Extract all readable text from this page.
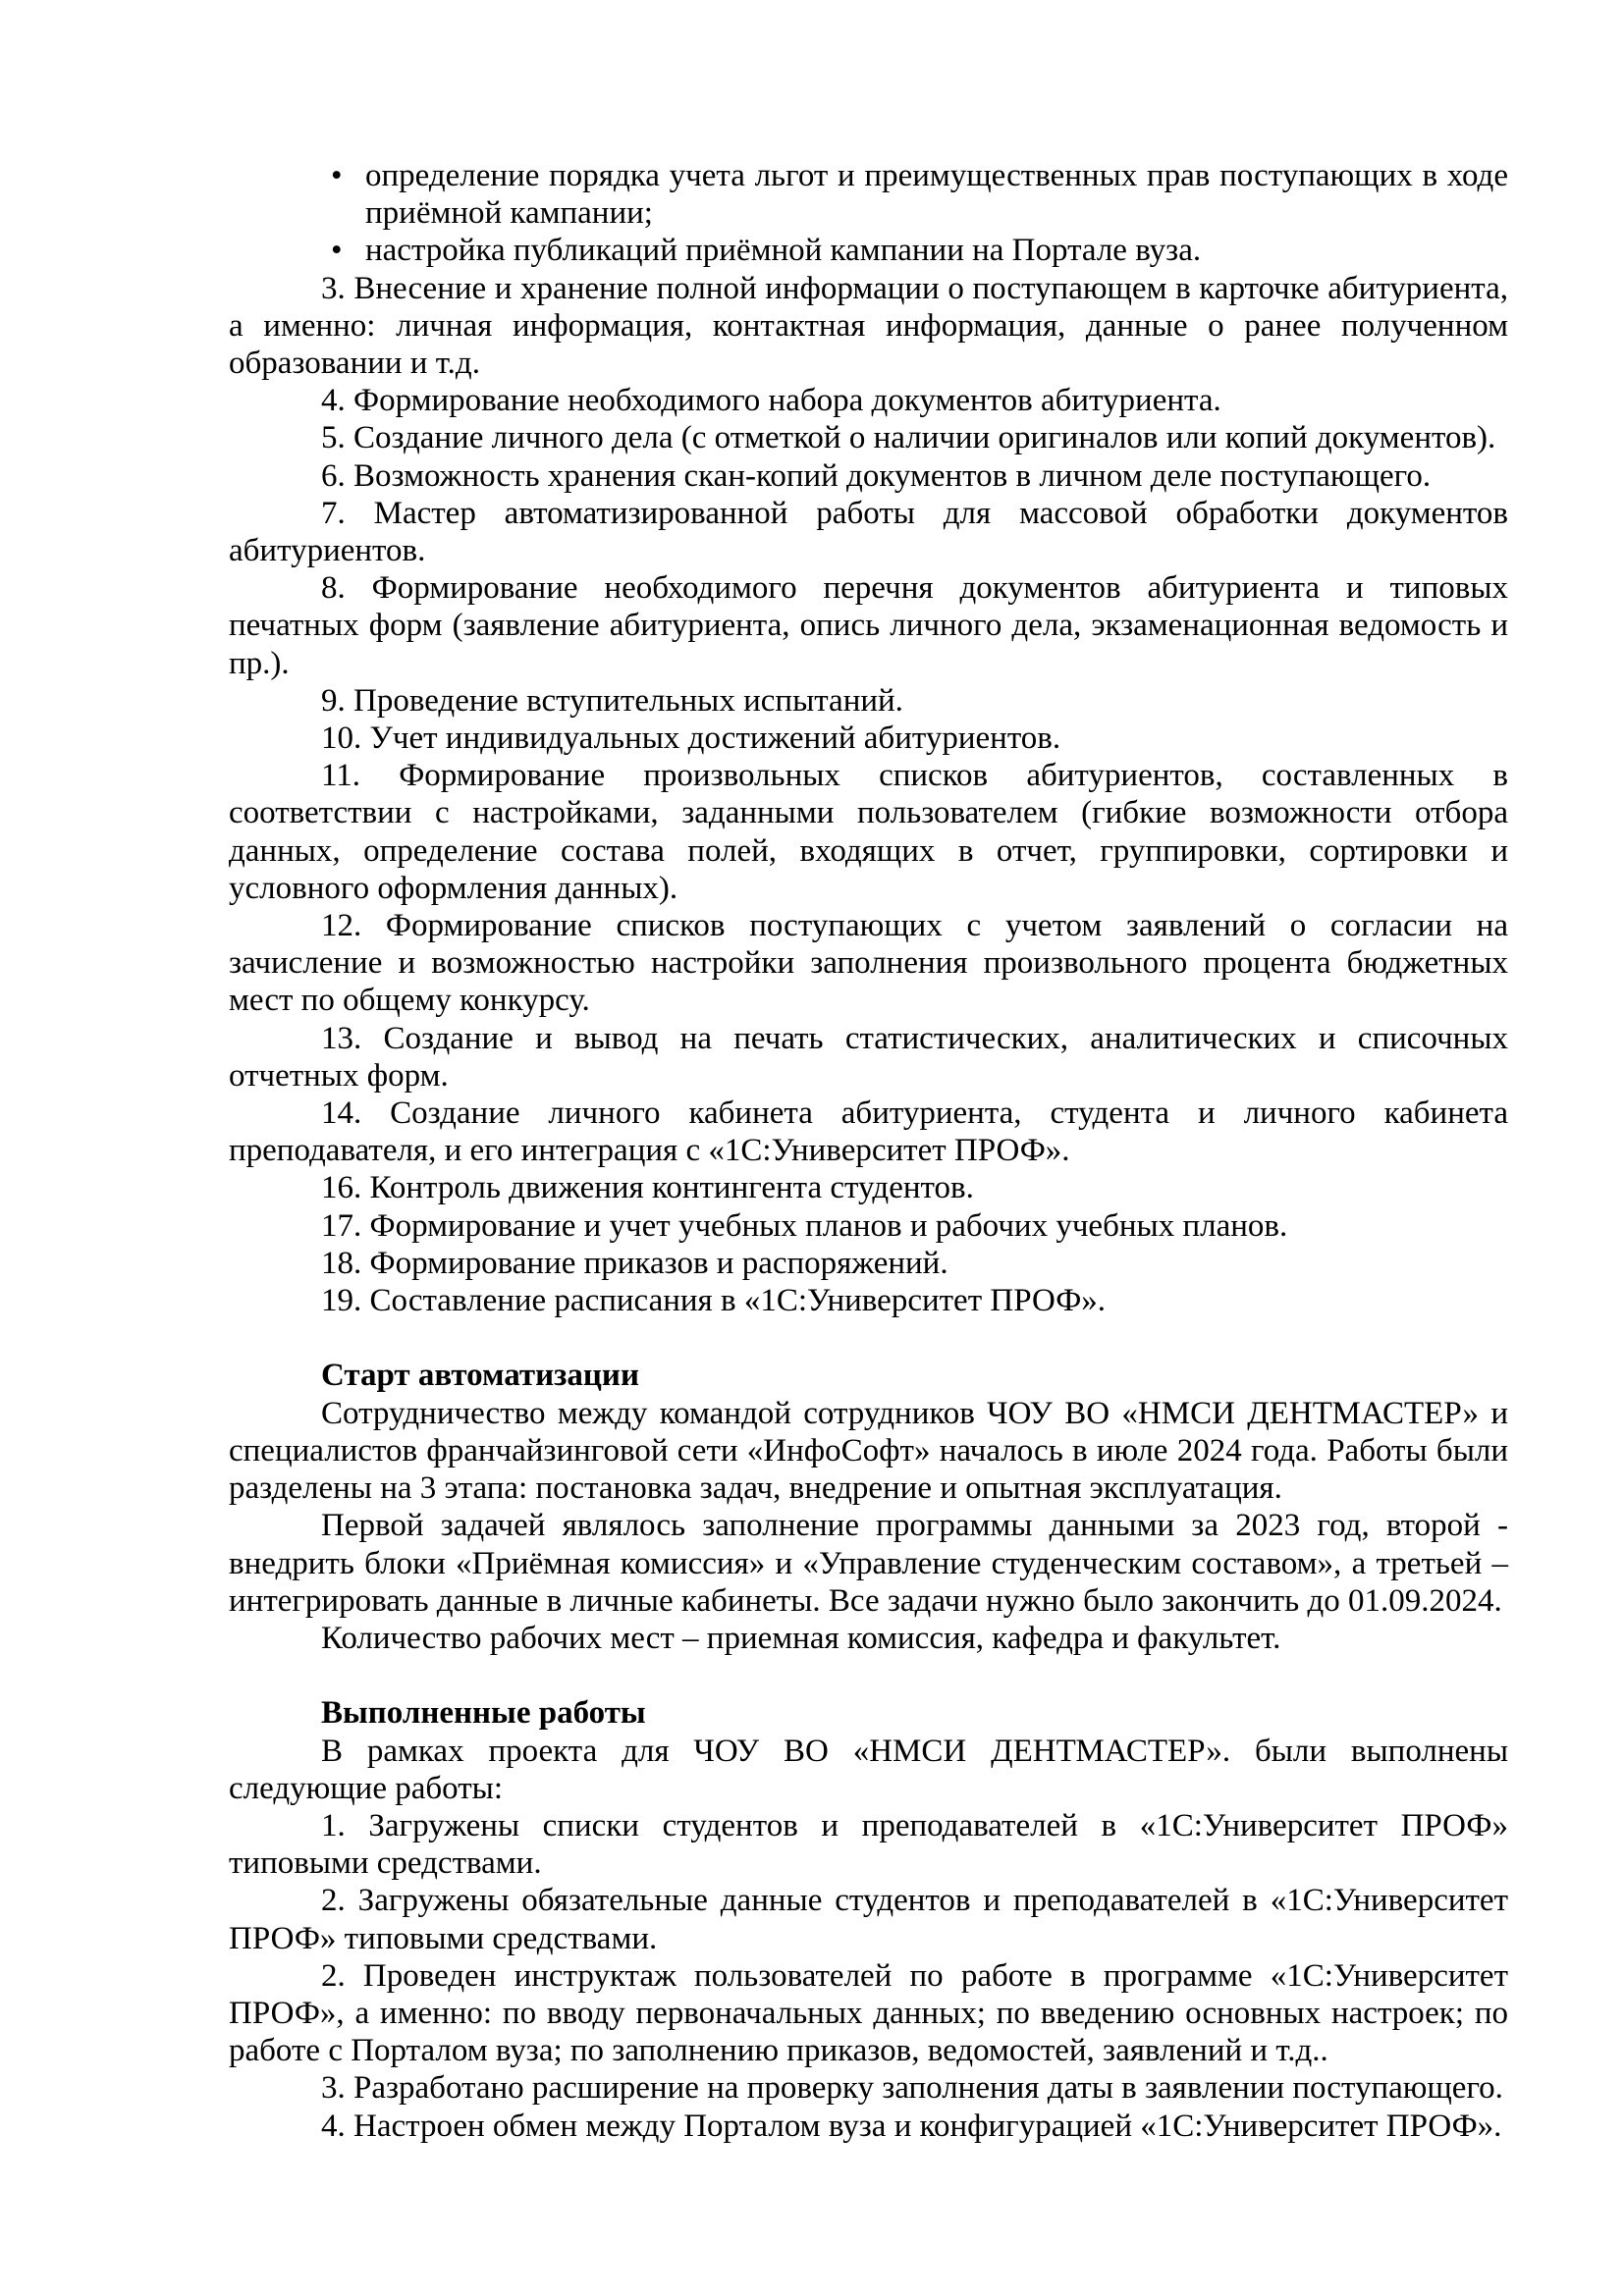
• определение порядка учета льгот и преимущественных прав поступающих в ходе приёмной кампании;
• настройка публикаций приёмной кампании на Портале вуза.

3. Внесение и хранение полной информации о поступающем в карточке абитуриента, а именно: личная информация, контактная информация, данные о ранее полученном образовании и т.д.

4. Формирование необходимого набора документов абитуриента.

5. Создание личного дела (с отметкой о наличии оригиналов или копий документов).

6. Возможность хранения скан-копий документов в личном деле поступающего.

7. Мастер автоматизированной работы для массовой обработки документов абитуриентов.

8. Формирование необходимого перечня документов абитуриента и типовых печатных форм (заявление абитуриента, опись личного дела, экзаменационная ведомость и пр.).

9. Проведение вступительных испытаний.

10. Учет индивидуальных достижений абитуриентов.

11. Формирование произвольных списков абитуриентов, составленных в соответствии с настройками, заданными пользователем (гибкие возможности отбора данных, определение состава полей, входящих в отчет, группировки, сортировки и условного оформления данных).

12. Формирование списков поступающих с учетом заявлений о согласии на зачисление и возможностью настройки заполнения произвольного процента бюджетных мест по общему конкурсу.

13. Создание и вывод на печать статистических, аналитических и списочных отчетных форм.

14. Создание личного кабинета абитуриента, студента и личного кабинета преподавателя, и его интеграция с «1С:Университет ПРОФ».

16. Контроль движения контингента студентов.

17. Формирование и учет учебных планов и рабочих учебных планов.

18. Формирование приказов и распоряжений.

19. Составление расписания в «1С:Университет ПРОФ».

Старт автоматизации

Сотрудничество между командой сотрудников ЧОУ ВО «НМСИ ДЕНТМАСТЕР» и специалистов франчайзинговой сети «ИнфоСофт» началось в июле 2024 года. Работы были разделены на 3 этапа: постановка задач, внедрение и опытная эксплуатация.

Первой задачей являлось заполнение программы данными за 2023 год, второй - внедрить блоки «Приёмная комиссия» и «Управление студенческим составом», а третьей – интегрировать данные в личные кабинеты. Все задачи нужно было закончить до 01.09.2024.

Количество рабочих мест – приемная комиссия, кафедра и факультет.

Выполненные работы

В рамках проекта для ЧОУ ВО «НМСИ ДЕНТМАСТЕР». были выполнены следующие работы:

1. Загружены списки студентов и преподавателей в «1С:Университет ПРОФ» типовыми средствами.

2. Загружены обязательные данные студентов и преподавателей в «1С:Университет ПРОФ» типовыми средствами.

2. Проведен инструктаж пользователей по работе в программе «1С:Университет ПРОФ», а именно: по вводу первоначальных данных; по введению основных настроек; по работе с Порталом вуза; по заполнению приказов, ведомостей, заявлений и т.д..

3. Разработано расширение на проверку заполнения даты в заявлении поступающего.

4. Настроен обмен между Порталом вуза и конфигурацией «1С:Университет ПРОФ».
